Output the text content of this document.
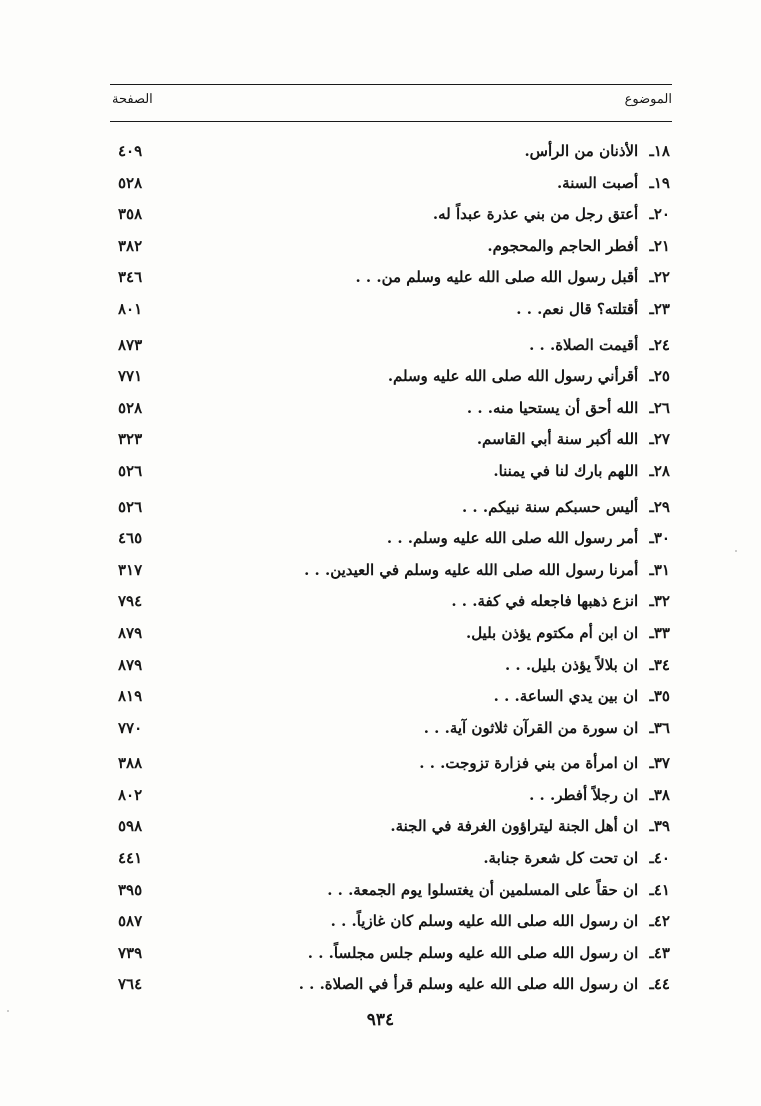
الموضوع
الصفحة
١٨ـ الأذنان من الرأس.
٤٠٩
١٩ـ أصبت السنة.
٥٢٨
٢٠ـ أعتق رجل من بني عذرة عبداً له.
٣٥٨
٢١ـ أفطر الحاجم والمحجوم.
٣٨٢
٢٢ـ أقبل رسول الله صلى الله عليه وسلم من. . .
٣٤٦
٢٣ـ أقتلته؟ قال نعم. . .
٨٠١
٢٤ـ أقيمت الصلاة. . .
٨٧٣
٢٥ـ أقرأني رسول الله صلى الله عليه وسلم.
٧٧١
٢٦ـ الله أحق أن يستحيا منه. . .
٥٢٨
٢٧ـ الله أكبر سنة أبي القاسم.
٣٢٣
٢٨ـ اللهم بارك لنا في يمننا.
٥٢٦
٢٩ـ أليس حسبكم سنة نبيكم. . .
٥٢٦
٣٠ـ أمر رسول الله صلى الله عليه وسلم. . .
٤٦٥
٣١ـ أمرنا رسول الله صلى الله عليه وسلم في العيدين. . .
٣١٧
٣٢ـ انزع ذهبها فاجعله في كفة. . .
٧٩٤
٣٣ـ ان ابن أم مكتوم يؤذن بليل.
٨٧٩
٣٤ـ ان بلالاً يؤذن بليل. . .
٨٧٩
٣٥ـ ان بين يدي الساعة. . .
٨١٩
٣٦ـ ان سورة من القرآن ثلاثون آية. . .
٧٧٠
٣٧ـ ان امرأة من بني فزارة تزوجت. . .
٣٨٨
٣٨ـ ان رجلاً أفطر. . .
٨٠٢
٣٩ـ ان أهل الجنة ليتراؤون الغرفة في الجنة.
٥٩٨
٤٠ـ ان تحت كل شعرة جنابة.
٤٤١
٤١ـ ان حقاً على المسلمين أن يغتسلوا يوم الجمعة. . .
٣٩٥
٤٢ـ ان رسول الله صلى الله عليه وسلم كان غازياً. . .
٥٨٧
٤٣ـ ان رسول الله صلى الله عليه وسلم جلس مجلساً. . .
٧٣٩
٤٤ـ ان رسول الله صلى الله عليه وسلم قرأ في الصلاة. . .
٧٦٤
٩٣٤
